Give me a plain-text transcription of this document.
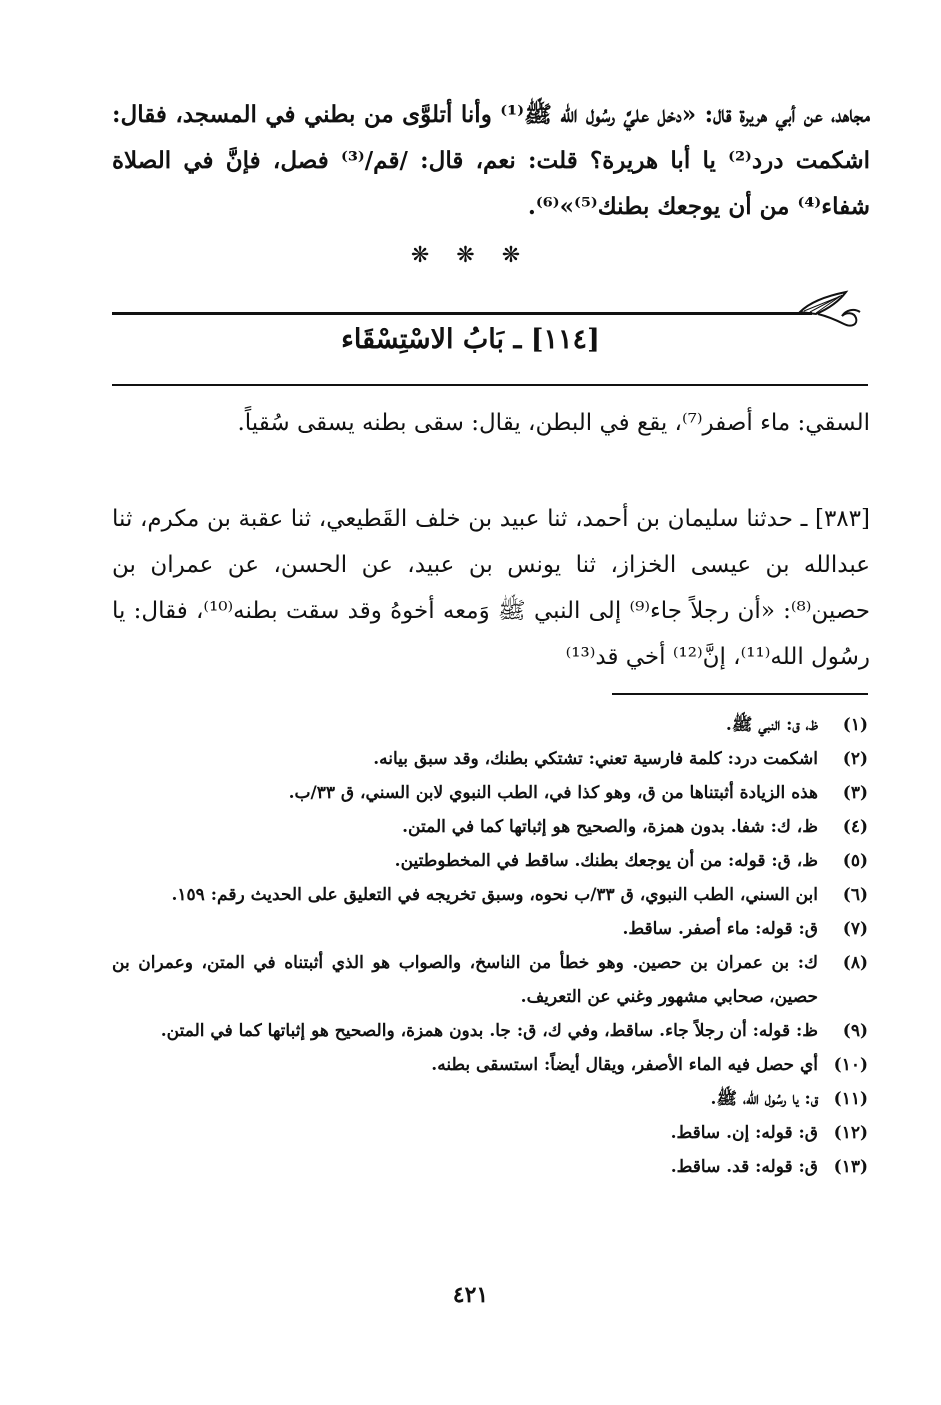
مجاهد، عن أبي هريرة قال: «دخل عليَّ رسُول الله ﷺ⁽¹⁾ وأنا أتلوَّى من بطني في المسجد، فقال: اشكمت درد⁽²⁾ يا أبا هريرة؟ قلت: نعم، قال: /قم/⁽³⁾ فصل، فإنَّ في الصلاة شفاء⁽⁴⁾ من أن يوجعك بطنك⁽⁵⁾»⁽⁶⁾.
❋ ❋ ❋
[١١٤] ـ بَابُ الاسْتِسْقَاء
السقي: ماء أصفر⁽⁷⁾، يقع في البطن، يقال: سقى بطنه يسقى سُقياً.
[٣٨٣] ـ حدثنا سليمان بن أحمد، ثنا عبيد بن خلف القَطيعي، ثنا عقبة بن مكرم، ثنا عبدالله بن عيسى الخزاز، ثنا يونس بن عبيد، عن الحسن، عن عمران بن حصين⁽⁸⁾: «أن رجلاً جاء⁽⁹⁾ إلى النبي ﷺ وَمعه أخوهُ وقد سقت بطنه⁽¹⁰⁾، فقال: يا رسُول الله⁽¹¹⁾، إنَّ⁽¹²⁾ أخي قد⁽¹³⁾
(١)
ظ، ق: النبي ﷺ.
(٢)
اشكمت درد: كلمة فارسية تعني: تشتكي بطنك، وقد سبق بيانه.
(٣)
هذه الزيادة أثبتناها من ق، وهو كذا في، الطب النبوي لابن السني، ق ٣٣/ب.
(٤)
ظ، ك: شفا. بدون همزة، والصحيح هو إثباتها كما في المتن.
(٥)
ظ، ق: قوله: من أن يوجعك بطنك. ساقط في المخطوطتين.
(٦)
ابن السني، الطب النبوي، ق ٣٣/ب نحوه، وسبق تخريجه في التعليق على الحديث رقم: ١٥٩.
(٧)
ق: قوله: ماء أصفر. ساقط.
(٨)
ك: بن عمران بن حصين. وهو خطأ من الناسخ، والصواب هو الذي أثبتناه في المتن، وعمران بن حصين، صحابي مشهور وغني عن التعريف.
(٩)
ظ: قوله: أن رجلاً جاء. ساقط، وفي ك، ق: جا. بدون همزة، والصحيح هو إثباتها كما في المتن.
(١٠)
أي حصل فيه الماء الأصفر، ويقال أيضاً: استسقى بطنه.
(١١)
ق: يا رسُول الله، ﷺ.
(١٢)
ق: قوله: إن. ساقط.
(١٣)
ق: قوله: قد. ساقط.
٤٢١
